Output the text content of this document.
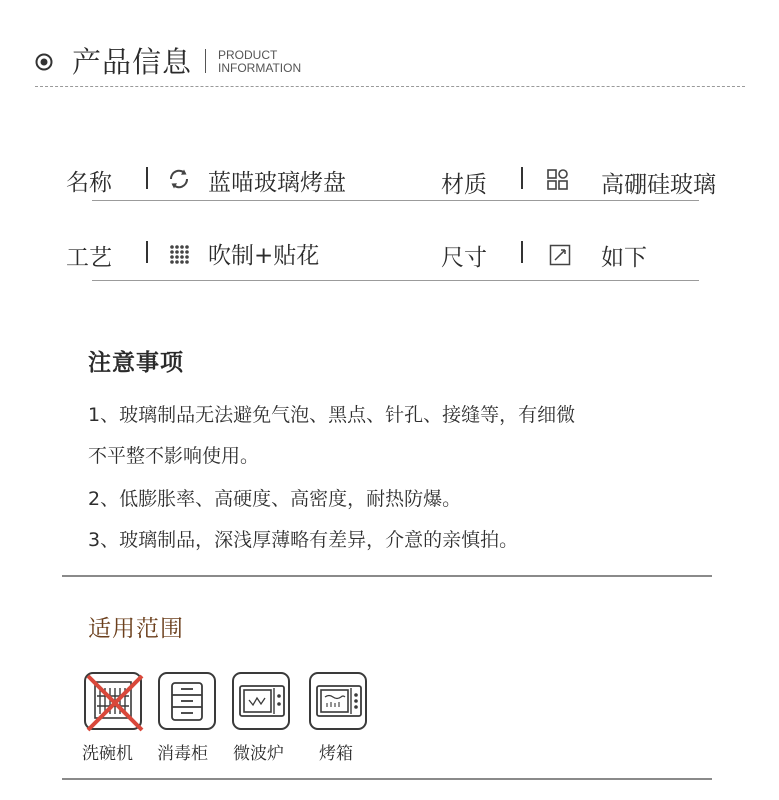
产品信息 PRODUCT
INFORMATION
名称	蓝喵玻璃烤盘	材质	高硼硅玻璃
工艺	吹制+贴花	尺寸	如下
注意事项
1、玻璃制品无法避免气泡、黑点、针孔、接缝等，有细微
不平整不影响使用。
2、低膨胀率、高硬度、高密度，耐热防爆。
3、玻璃制品，深浅厚薄略有差异，介意的亲慎拍。
适用范围
洗碗机 消毒柜 微波炉 烤箱
